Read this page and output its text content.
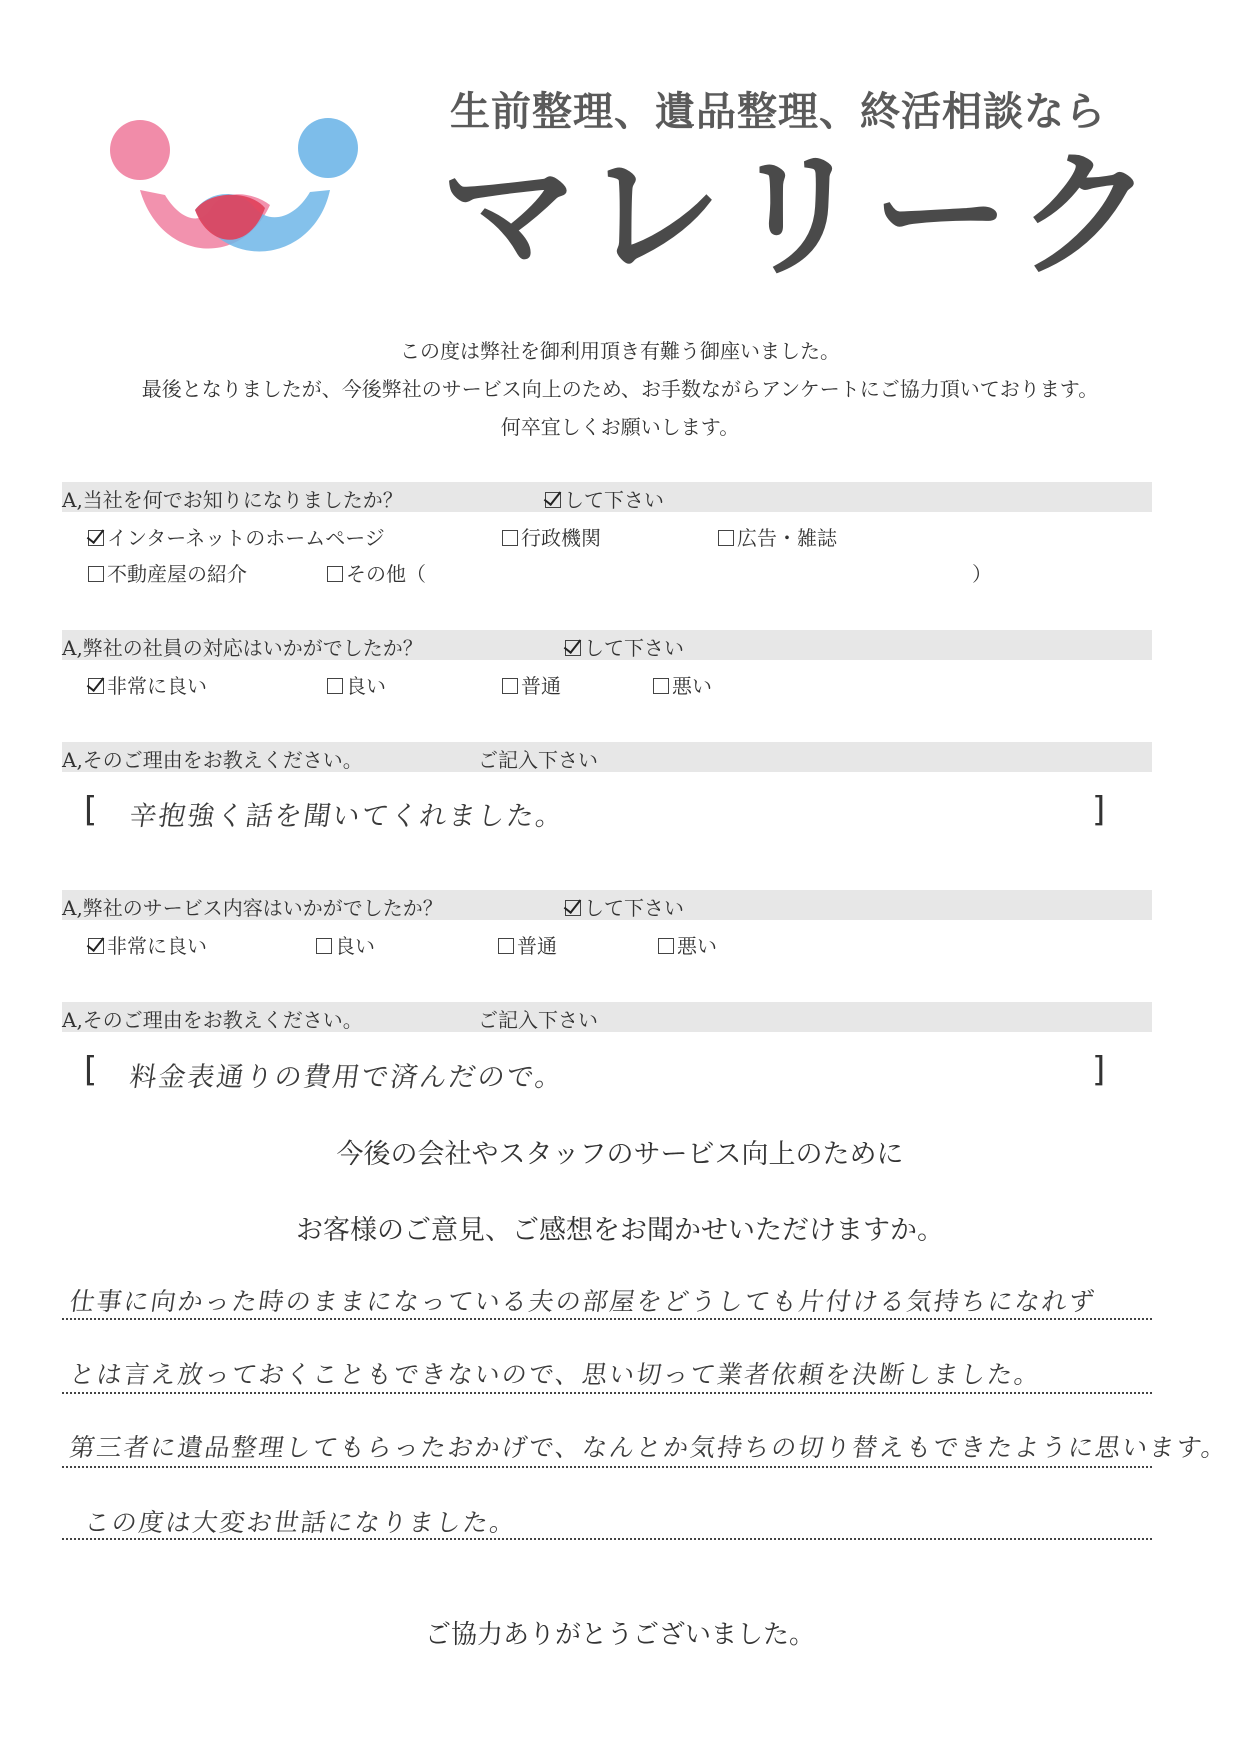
生前整理、遺品整理、終活相談なら
マレリーク
この度は弊社を御利用頂き有難う御座いました。
最後となりましたが、今後弊社のサービス向上のため、お手数ながらアンケートにご協力頂いております。
何卒宜しくお願いします。
A,当社を何でお知りになりましたか？	して下さい
インターネットのホームページ	行政機関	広告・雑誌
不動産屋の紹介	その他（	）
A,弊社の社員の対応はいかがでしたか？	して下さい
非常に良い	良い	普通	悪い
A,そのご理由をお教えください。	ご記入下さい
[ 辛抱強く話を聞いてくれました。	]
A,弊社のサービス内容はいかがでしたか？	して下さい
非常に良い	良い	普通	悪い
A,そのご理由をお教えください。	ご記入下さい
[ 料金表通りの費用で済んだので。	]
今後の会社やスタッフのサービス向上のために
お客様のご意見、ご感想をお聞かせいただけますか。
仕事に向かった時のままになっている夫の部屋をどうしても片付ける気持ちになれず
とは言え放っておくこともできないので、思い切って業者依頼を決断しました。
第三者に遺品整理してもらったおかげで、なんとか気持ちの切り替えもできたように思います。
この度は大変お世話になりました。
ご協力ありがとうございました。
